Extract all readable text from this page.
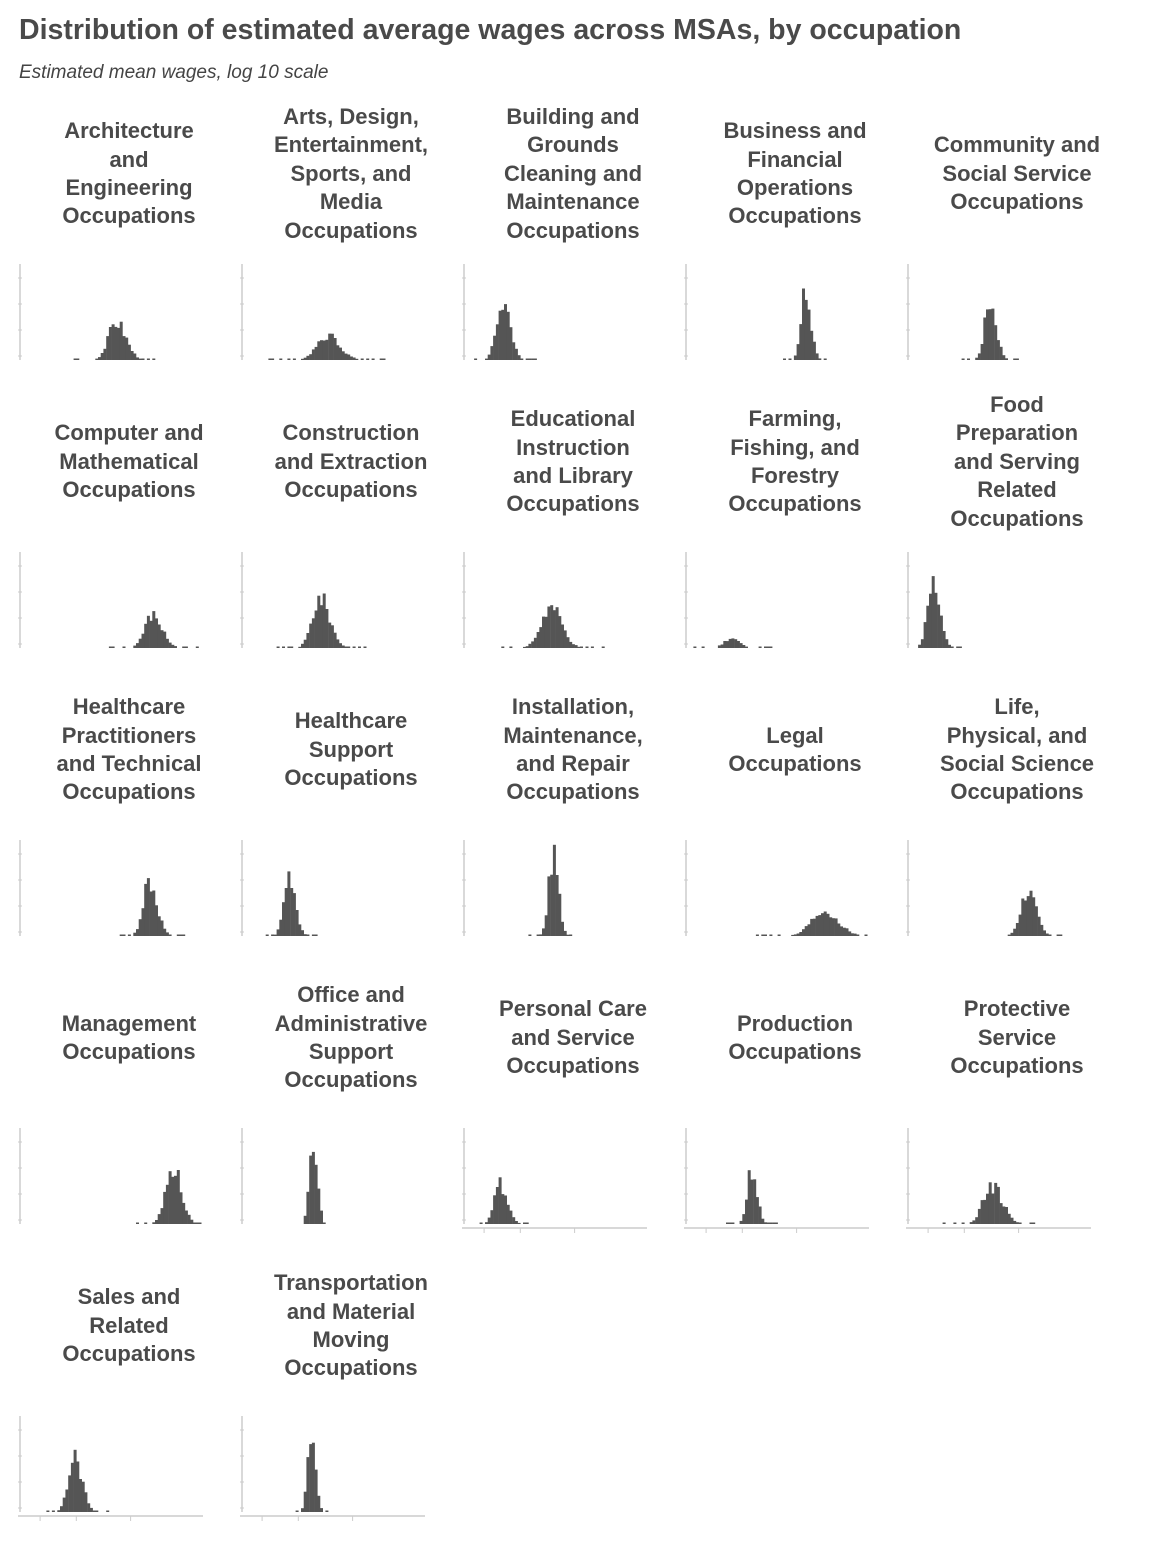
Distribution of estimated average wages across MSAs, by occupation
Estimated mean wages, log 10 scale
Architecture
and
Engineering
Occupations
Arts, Design,
Entertainment,
Sports, and
Media
Occupations
Building and
Grounds
Cleaning and
Maintenance
Occupations
Business and
Financial
Operations
Occupations
Community and
Social Service
Occupations
Computer and
Mathematical
Occupations
Construction
and Extraction
Occupations
Educational
Instruction
and Library
Occupations
Farming,
Fishing, and
Forestry
Occupations
Food
Preparation
and Serving
Related
Occupations
Healthcare
Practitioners
and Technical
Occupations
Healthcare
Support
Occupations
Installation,
Maintenance,
and Repair
Occupations
Legal
Occupations
Life,
Physical, and
Social Science
Occupations
Management
Occupations
Office and
Administrative
Support
Occupations
Personal Care
and Service
Occupations
Production
Occupations
Protective
Service
Occupations
Sales and
Related
Occupations
Transportation
and Material
Moving
Occupations
